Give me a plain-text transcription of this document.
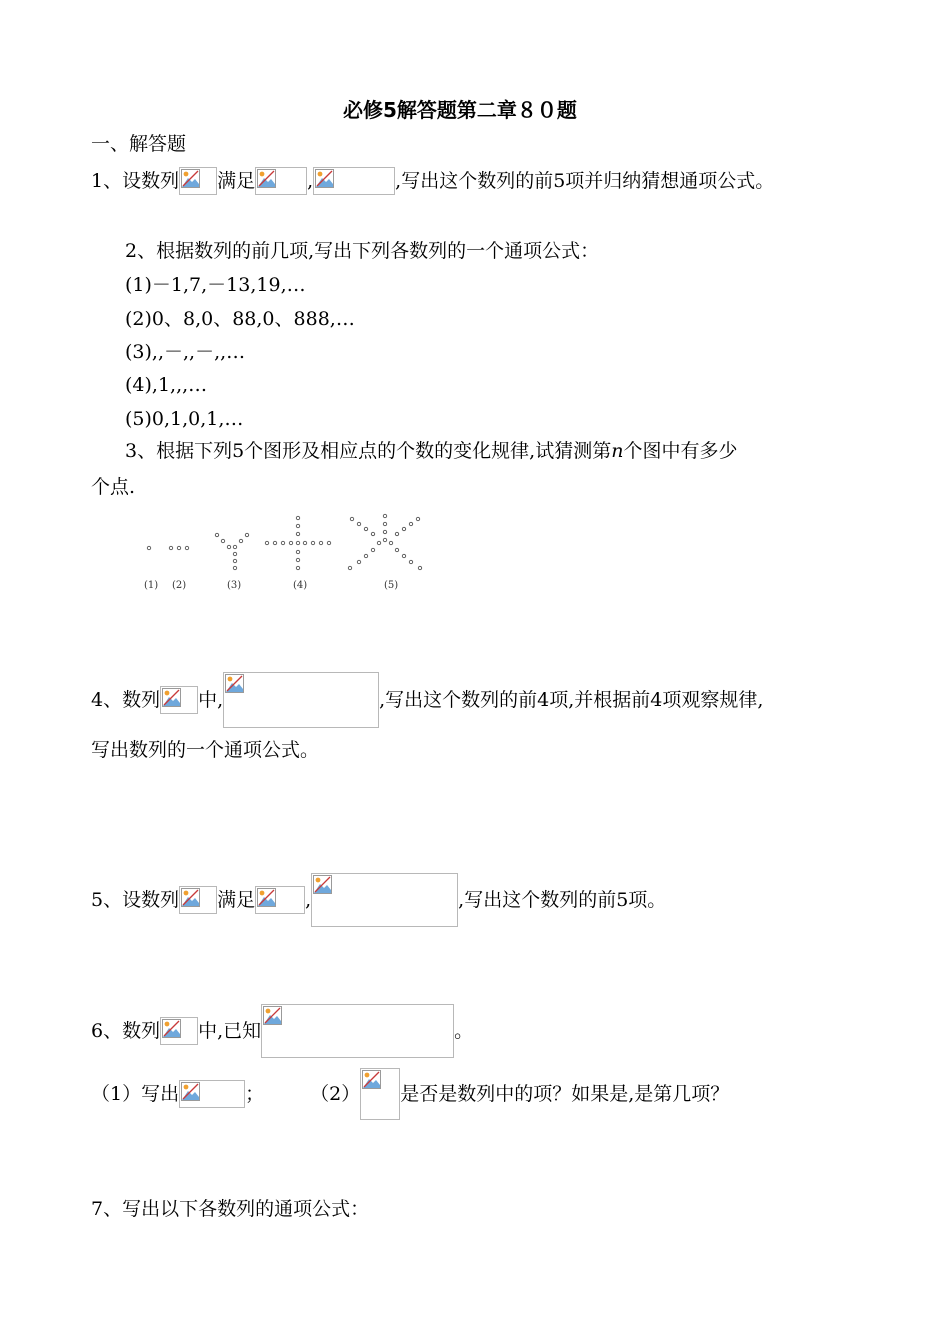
必修5解答题第二章８０题
一、解答题
1、设数列 满足	,	,写出这个数列的前5项并归纳猜想通项公式。
2、根据数列的前几项,写出下列各数列的一个通项公式：
(1)－1,7,－13,19,…
(2)0、8,0、88,0、888,…
(3),,－,,－,,…
(4),1,,,…
(5)0,1,0,1,…
3、根据下列5个图形及相应点的个数的变化规律,试猜测第 n 个图中有多少
个点.
(1) (2)	(3)	(4)	(5)
4、数列 中,	,写出这个数列的前4项,并根据前4项观察规律,
写出数列的一个通项公式。
5、设数列 满足	,	,写出这个数列的前5项。
6、数列 中,已知	。
（1）写出	； （2） 是否是数列中的项？如果是,是第几项？
7、写出以下各数列的通项公式：
